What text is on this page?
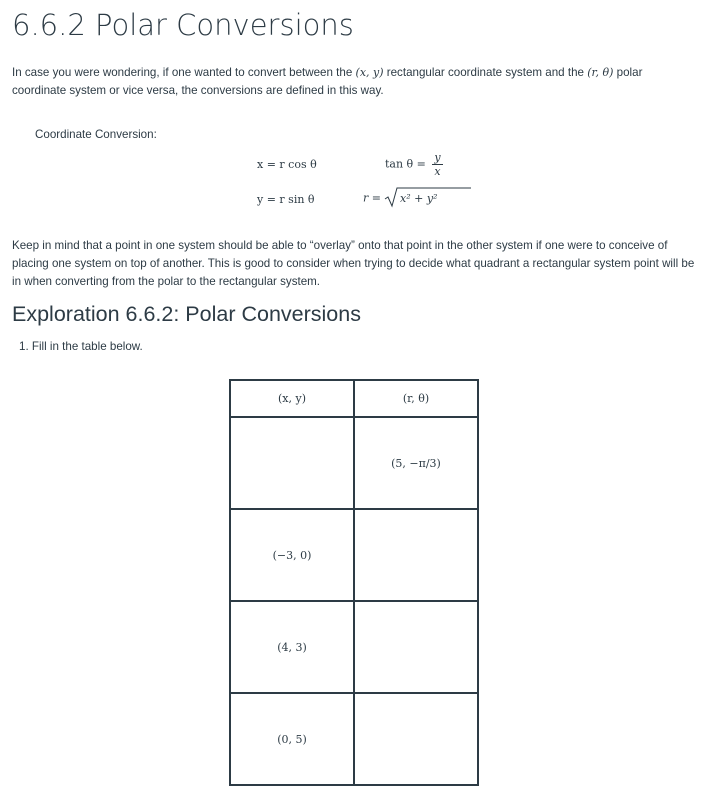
6.6.2 Polar Conversions

In case you were wondering, if one wanted to convert between the (x, y) rectangular coordinate system and the (r, θ) polar coordinate system or vice versa, the conversions are defined in this way.

Coordinate Conversion:
x = r cos θ
y = r sin θ
$\tan \theta = \frac{y}{x}$
r = x² + y²

Keep in mind that a point in one system should be able to “overlay” onto that point in the other system if one were to conceive of placing one system on top of another. This is good to consider when trying to decide what quadrant a rectangular system point will be in when converting from the polar to the rectangular system.

Exploration 6.6.2: Polar Conversions
1. Fill in the table below.
(x, y)	(r, θ)
	(5, −π/3)
(−3, 0)	
(4, 3)	
(0, 5)	
